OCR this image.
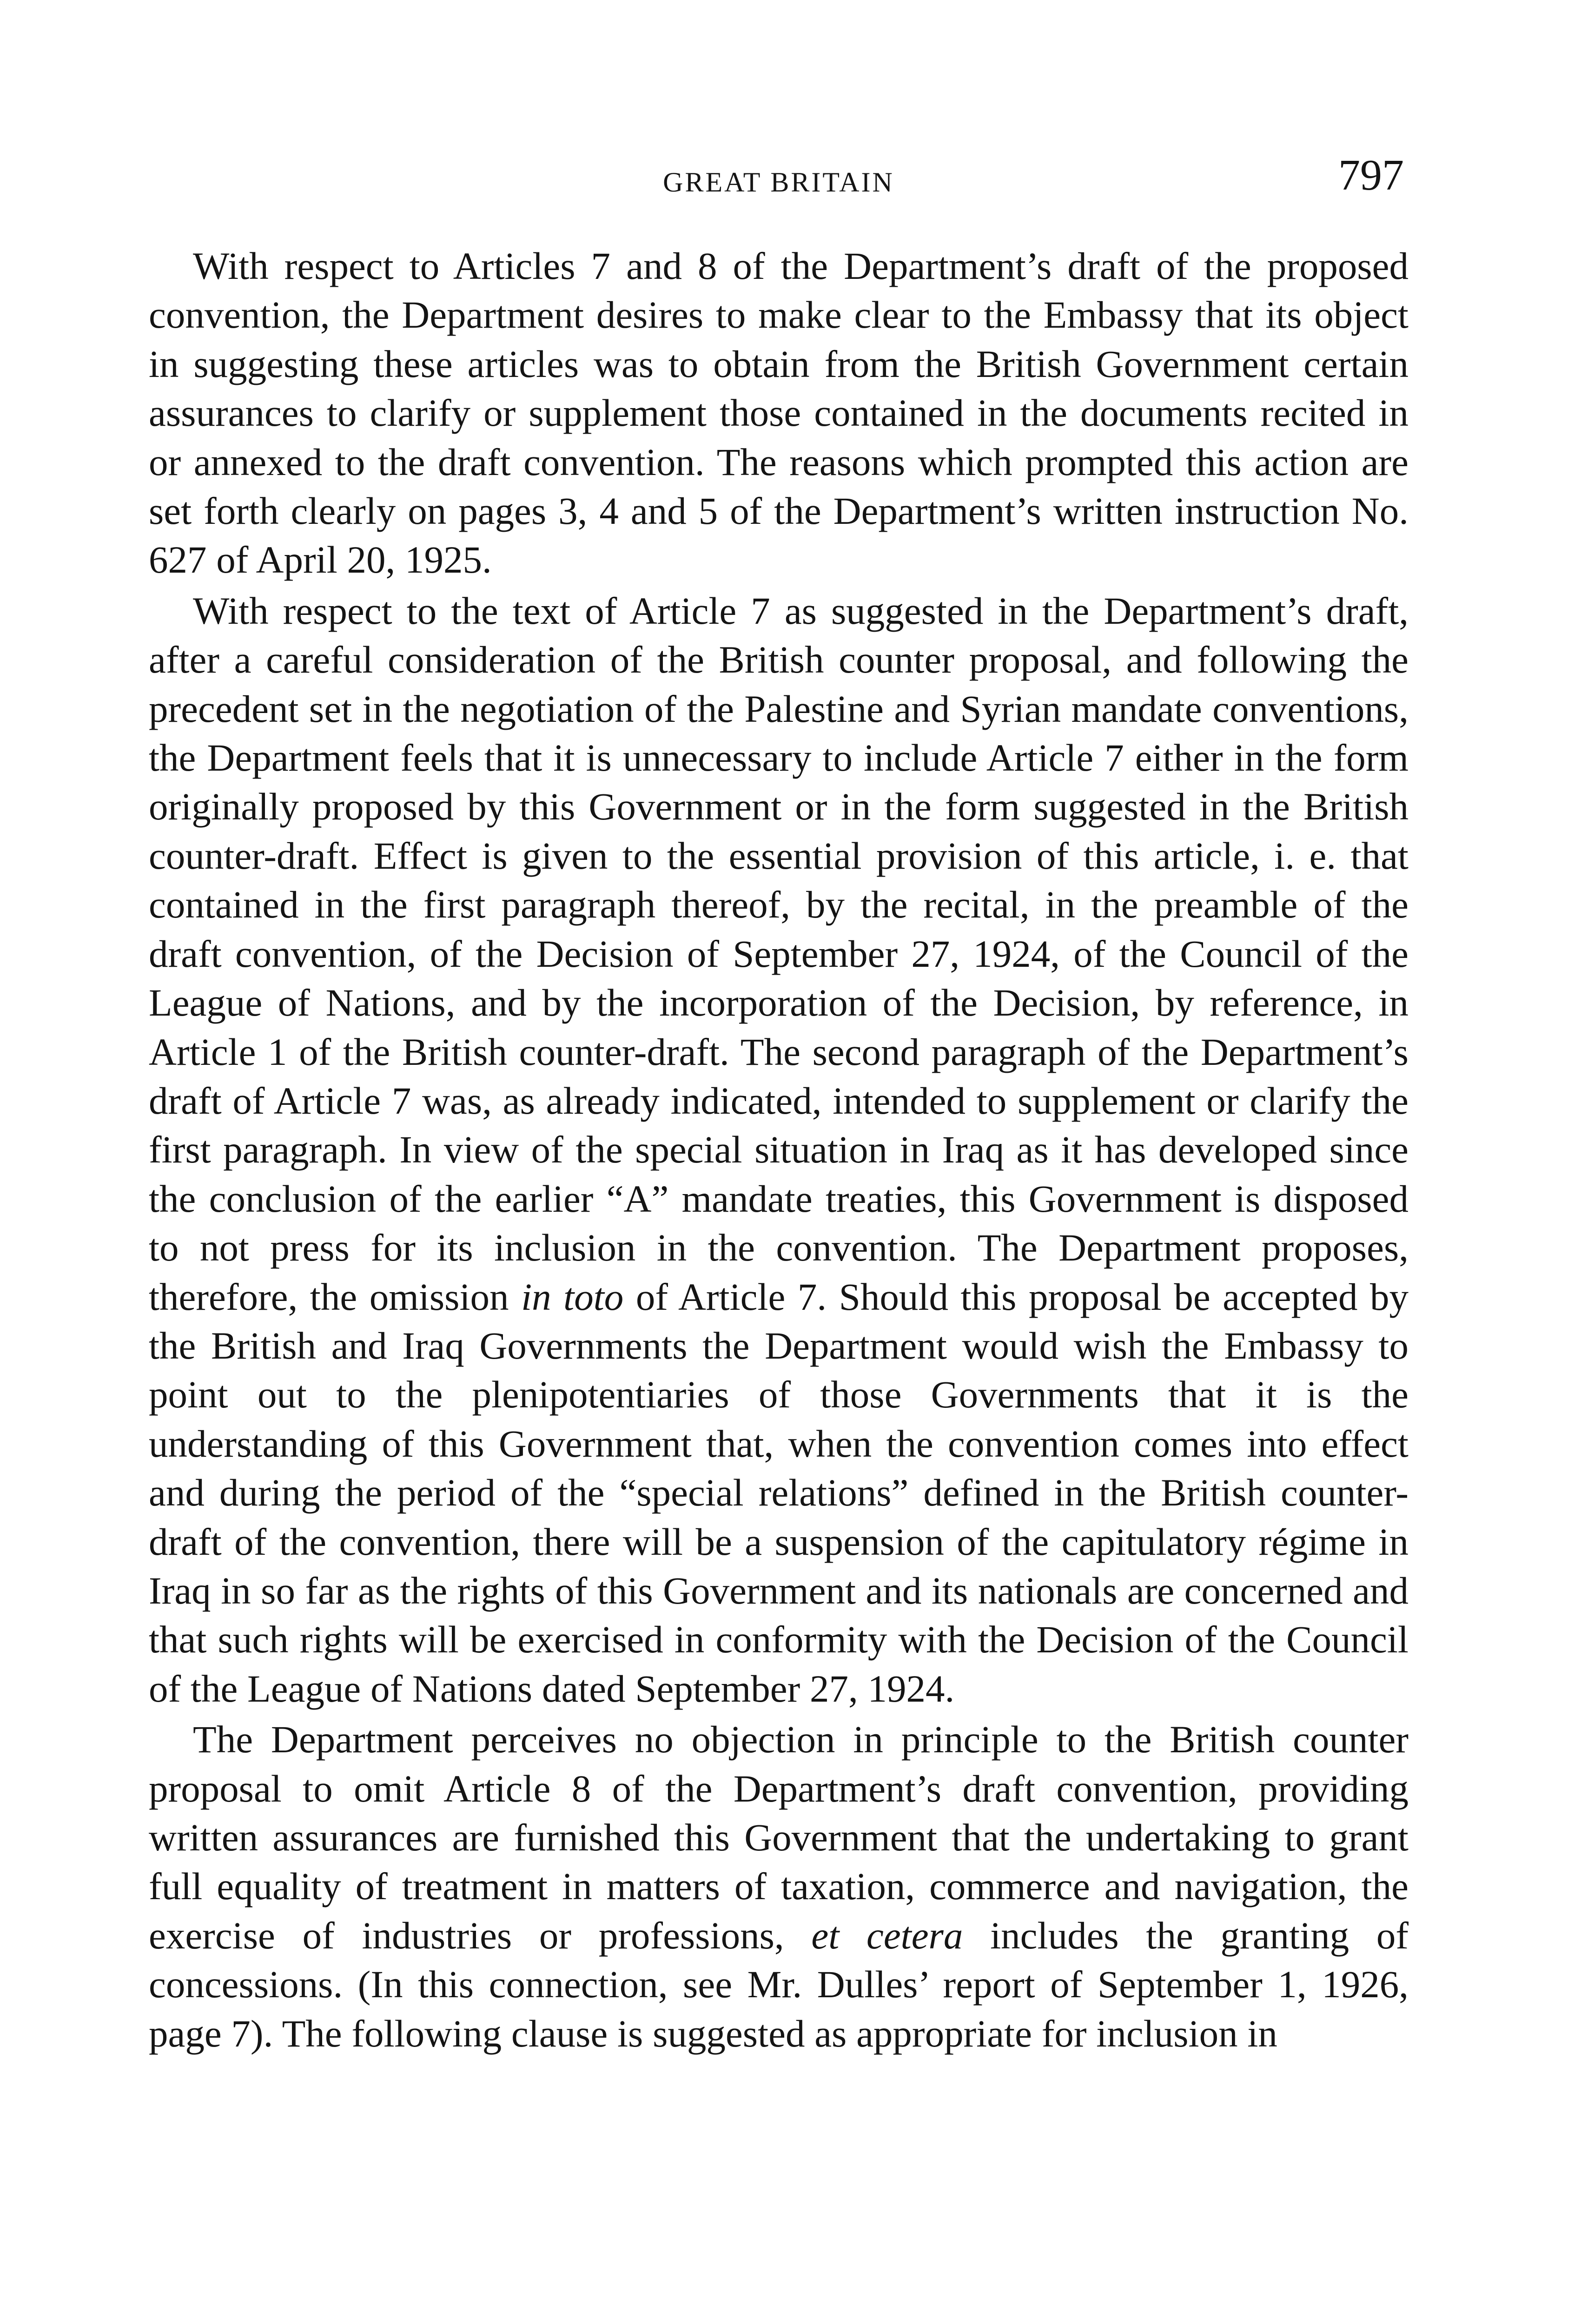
GREAT BRITAIN	797

With respect to Articles 7 and 8 of the Department’s draft of the proposed convention, the Department desires to make clear to the Embassy that its object in suggesting these articles was to obtain from the British Government certain assurances to clarify or supplement those contained in the documents recited in or annexed to the draft convention. The reasons which prompted this action are set forth clearly on pages 3, 4 and 5 of the Department’s written instruction No. 627 of April 20, 1925.

With respect to the text of Article 7 as suggested in the Department’s draft, after a careful consideration of the British counter proposal, and following the precedent set in the negotiation of the Palestine and Syrian mandate conventions, the Department feels that it is unnecessary to include Article 7 either in the form originally proposed by this Government or in the form suggested in the British counter-draft. Effect is given to the essential provision of this article, i. e. that contained in the first paragraph thereof, by the recital, in the preamble of the draft convention, of the Decision of September 27, 1924, of the Council of the League of Nations, and by the incorporation of the Decision, by reference, in Article 1 of the British counter-draft. The second paragraph of the Department’s draft of Article 7 was, as already indicated, intended to supplement or clarify the first paragraph. In view of the special situation in Iraq as it has developed since the conclusion of the earlier “A” mandate treaties, this Government is disposed to not press for its inclusion in the convention. The Department proposes, therefore, the omission in toto of Article 7. Should this proposal be accepted by the British and Iraq Governments the Department would wish the Embassy to point out to the plenipotentiaries of those Governments that it is the understanding of this Government that, when the convention comes into effect and during the period of the “special relations” defined in the British counter-draft of the convention, there will be a suspension of the capitulatory régime in Iraq in so far as the rights of this Government and its nationals are concerned and that such rights will be exercised in conformity with the Decision of the Council of the League of Nations dated September 27, 1924.

The Department perceives no objection in principle to the British counter proposal to omit Article 8 of the Department’s draft convention, providing written assurances are furnished this Government that the undertaking to grant full equality of treatment in matters of taxation, commerce and navigation, the exercise of industries or professions, et cetera includes the granting of concessions. (In this connection, see Mr. Dulles’ report of September 1, 1926, page 7). The following clause is suggested as appropriate for inclusion in
